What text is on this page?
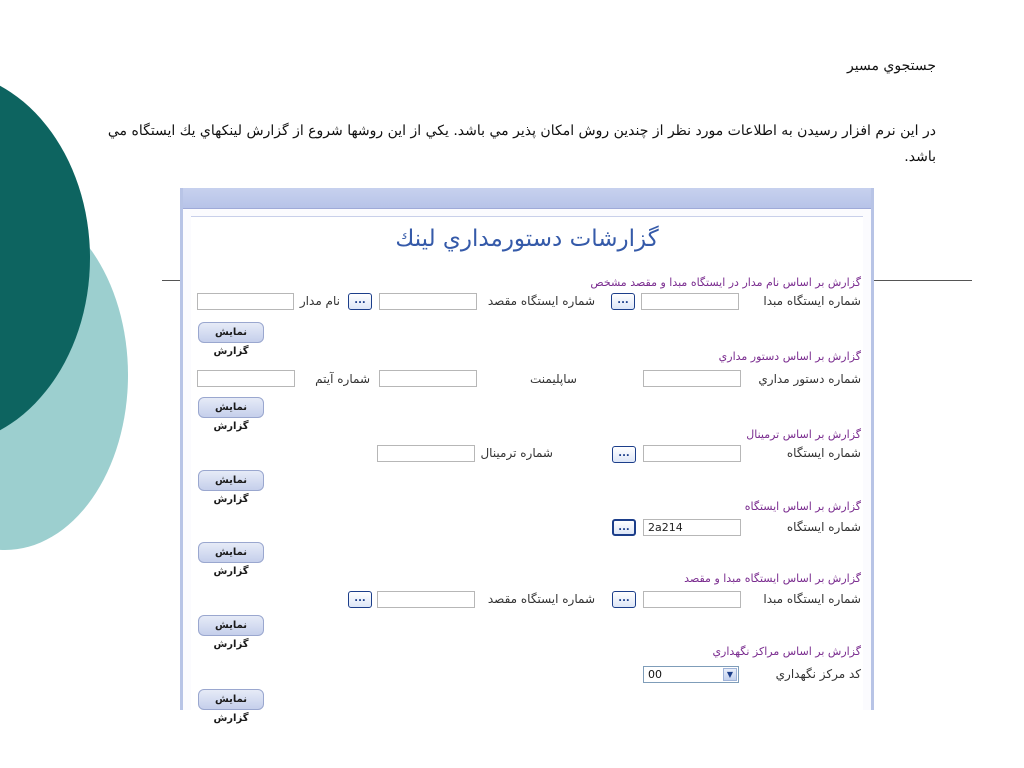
جستجوي مسير
در اين نرم افزار رسيدن به اطلاعات مورد نظر از چندين روش امكان پذير مي باشد. يكي از اين روشها شروع از گزارش لينكهاي يك ايستگاه مي باشد.
گزارشات دستورمداري لينك
گزارش بر اساس نام مدار در ايستگاه مبدا و مقصد مشخص
شماره ايستگاه مبدا
...
شماره ايستگاه مقصد
...
نام مدار
نمایش گزارش	گزارش بر اساس دستور مداري
شماره دستور مداري
ساپليمنت
شماره آيتم
نمایش گزارش
گزارش بر اساس ترمينال
شماره ايستگاه
...
شماره ترمينال
نمایش گزارش
گزارش بر اساس ايستگاه
شماره ايستگاه
2a214
...
نمایش گزارش
گزارش بر اساس ايستگاه مبدا و مقصد
شماره ايستگاه مبدا
...
شماره ايستگاه مقصد
...
نمایش گزارش
گزارش بر اساس مراكز نگهداري
كد مركز نگهداري
00	▼
نمایش گزارش
